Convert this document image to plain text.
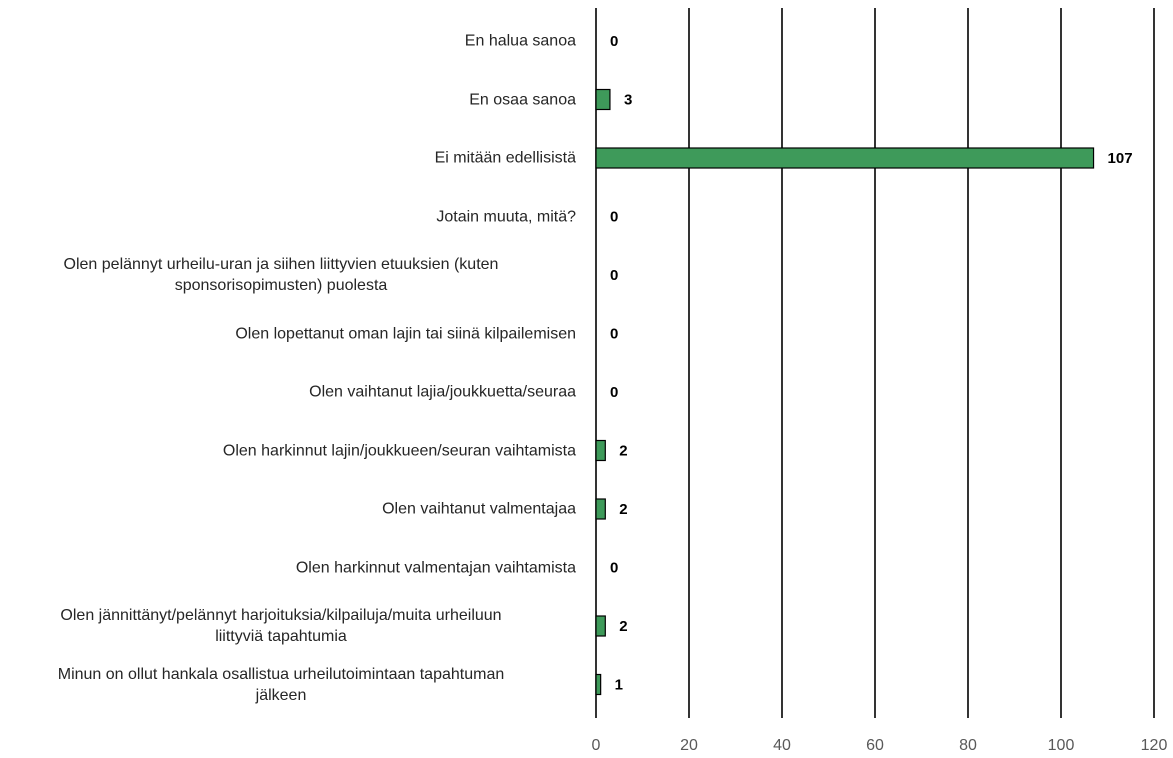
0
3
107
0
0
0
0
2
2
0
2
1
0	20	40	60	80	100	120
En halua sanoa
En osaa sanoa
Ei mitään edellisistä
Jotain muuta, mitä?
Olen pelännyt urheilu-uran ja siihen liittyvien etuuksien (kuten
sponsorisopimusten) puolesta
Olen lopettanut oman lajin tai siinä kilpailemisen
Olen vaihtanut lajia/joukkuetta/seuraa
Olen harkinnut lajin/joukkueen/seuran vaihtamista
Olen vaihtanut valmentajaa
Olen harkinnut valmentajan vaihtamista
Olen jännittänyt/pelännyt harjoituksia/kilpailuja/muita urheiluun
liittyviä tapahtumia
Minun on ollut hankala osallistua urheilutoimintaan tapahtuman
jälkeen
